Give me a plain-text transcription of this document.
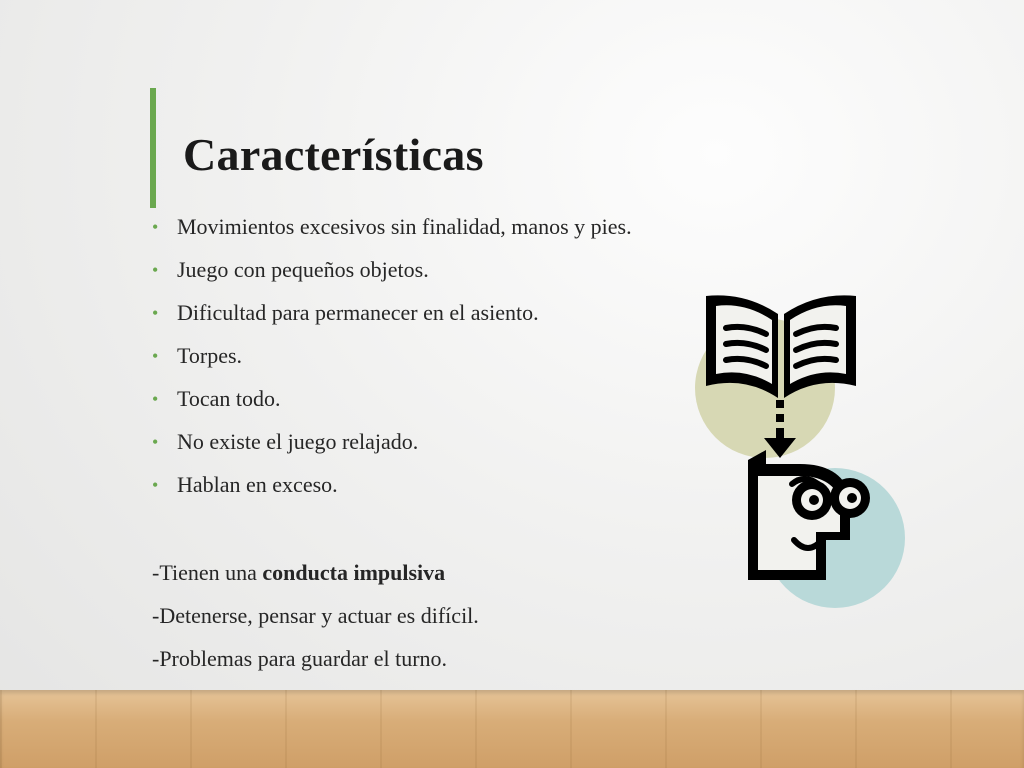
Características
• Movimientos excesivos sin finalidad, manos y pies.
• Juego con pequeños objetos.
• Dificultad para permanecer en el asiento.
• Torpes.
• Tocan todo.
• No existe el juego relajado.
• Hablan en exceso.

-Tienen una conducta impulsiva

-Detenerse, pensar y actuar es difícil.

-Problemas para guardar el turno.
